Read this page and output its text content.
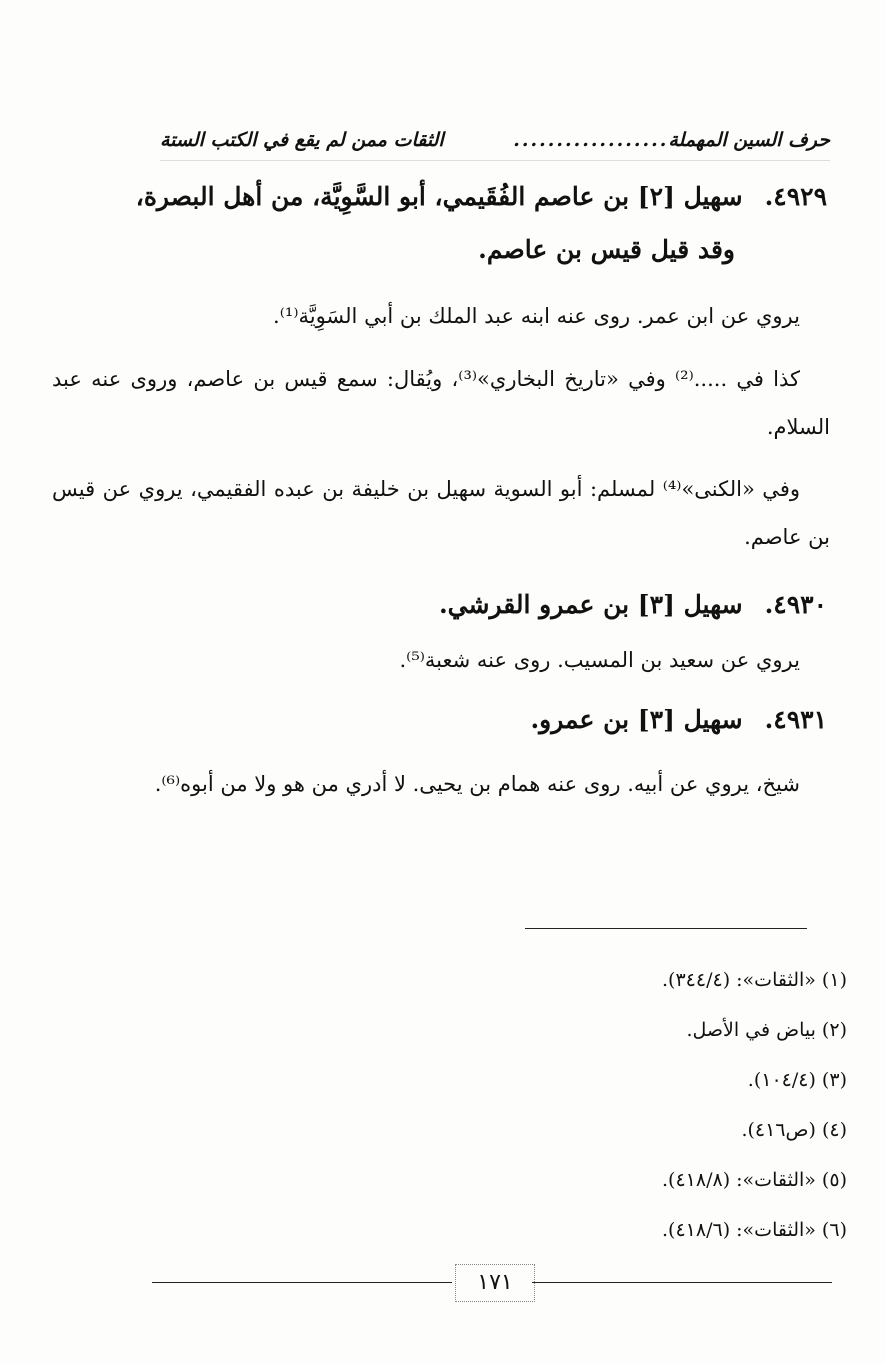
حرف السين المهملة
..................
الثقات ممن لم يقع في الكتب الستة
٤٩٢٩.سهيل [٢] بن عاصم الفُقَيمي، أبو السَّوِيَّة، من أهل البصرة،
وقد قيل قيس بن عاصم.
يروي عن ابن عمر. روى عنه ابنه عبد الملك بن أبي السَوِيَّة⁽¹⁾.
كذا في .....⁽²⁾ وفي «تاريخ البخاري»⁽³⁾، ويُقال: سمع قيس بن عاصم، وروى عنه عبد السلام.
وفي «الكنى»⁽⁴⁾ لمسلم: أبو السوية سهيل بن خليفة بن عبده الفقيمي، يروي عن قيس بن عاصم.
٤٩٣٠.سهيل [٣] بن عمرو القرشي.
يروي عن سعيد بن المسيب. روى عنه شعبة⁽⁵⁾.
٤٩٣١.سهيل [٣] بن عمرو.
شيخ، يروي عن أبيه. روى عنه همام بن يحيى. لا أدري من هو ولا من أبوه⁽⁶⁾.
(١) «الثقات»: (٣٤٤/٤).
(٢) بياض في الأصل.
(٣) (١٠٤/٤).
(٤) (ص٤١٦).
(٥) «الثقات»: (٤١٨/٨).
(٦) «الثقات»: (٤١٨/٦).
١٧١
